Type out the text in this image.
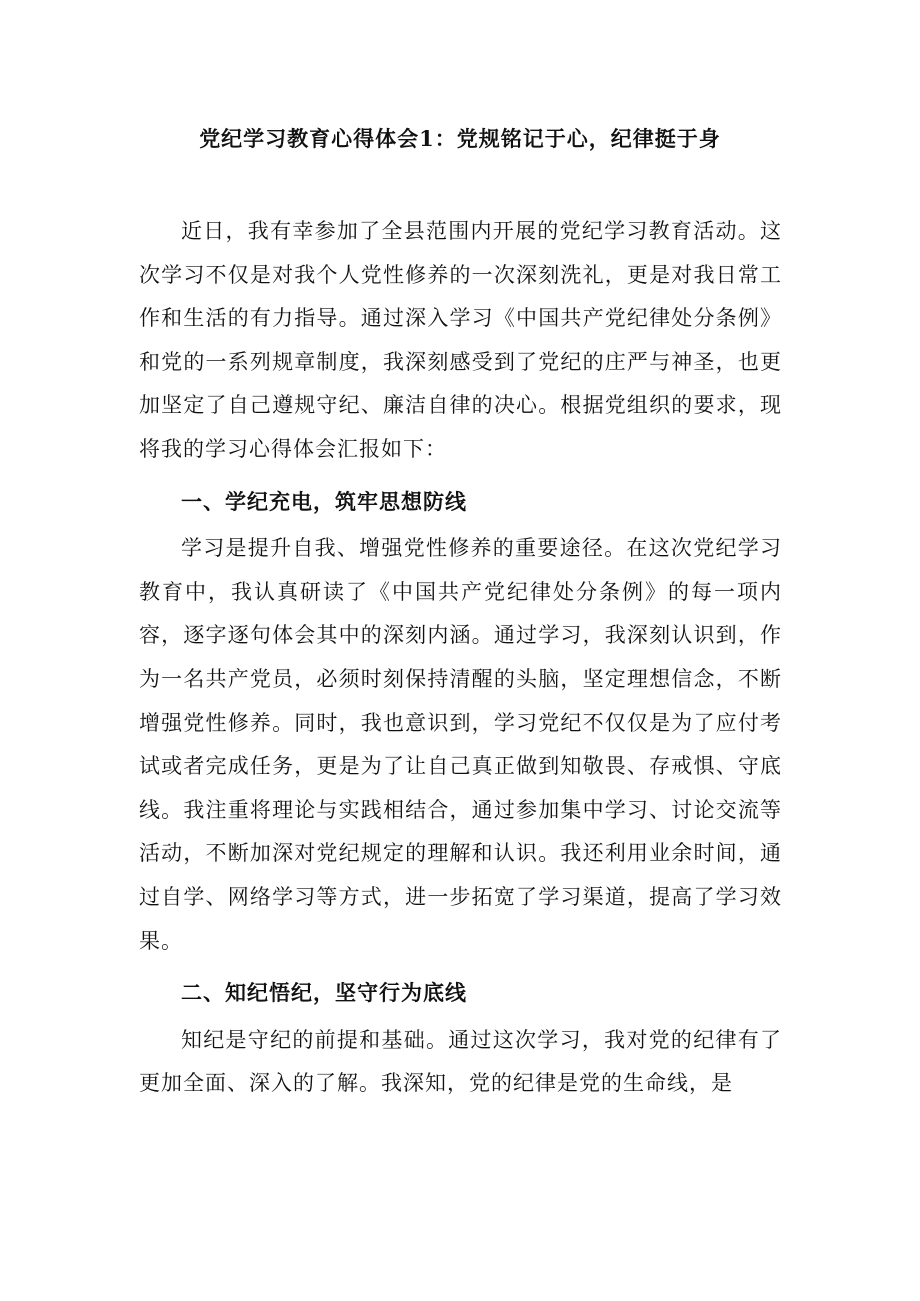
党纪学习教育心得体会1：党规铭记于心，纪律挺于身

近日，我有幸参加了全县范围内开展的党纪学习教育活动。这次学习不仅是对我个人党性修养的一次深刻洗礼，更是对我日常工作和生活的有力指导。通过深入学习《中国共产党纪律处分条例》和党的一系列规章制度，我深刻感受到了党纪的庄严与神圣，也更加坚定了自己遵规守纪、廉洁自律的决心。根据党组织的要求，现将我的学习心得体会汇报如下：

一、学纪充电，筑牢思想防线

学习是提升自我、增强党性修养的重要途径。在这次党纪学习教育中，我认真研读了《中国共产党纪律处分条例》的每一项内容，逐字逐句体会其中的深刻内涵。通过学习，我深刻认识到，作为一名共产党员，必须时刻保持清醒的头脑，坚定理想信念，不断增强党性修养。同时，我也意识到，学习党纪不仅仅是为了应付考试或者完成任务，更是为了让自己真正做到知敬畏、存戒惧、守底线。我注重将理论与实践相结合，通过参加集中学习、讨论交流等活动，不断加深对党纪规定的理解和认识。我还利用业余时间，通过自学、网络学习等方式，进一步拓宽了学习渠道，提高了学习效果。

二、知纪悟纪，坚守行为底线

知纪是守纪的前提和基础。通过这次学习，我对党的纪律有了更加全面、深入的了解。我深知，党的纪律是党的生命线，是
